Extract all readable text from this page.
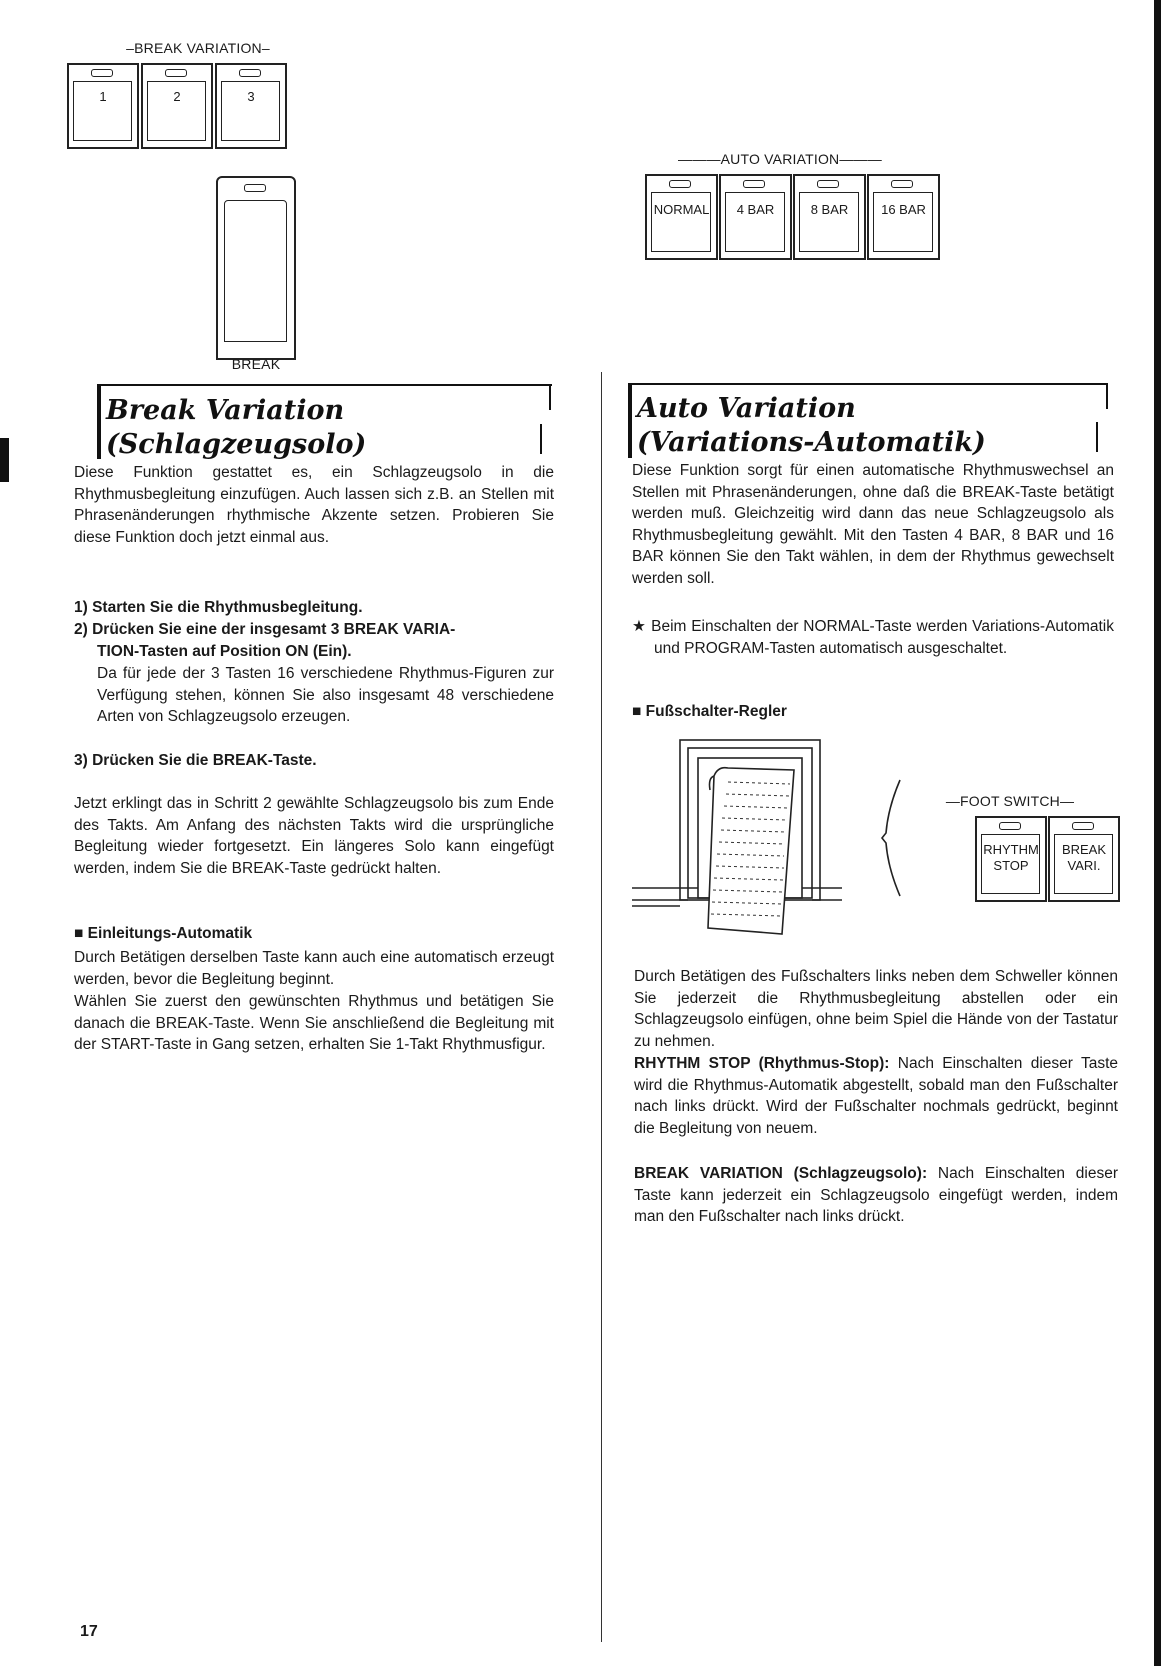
–BREAK VARIATION–
1	2	3
BREAK
———AUTO VARIATION———
NORMAL	4 BAR	8 BAR	16 BAR
Break Variation
(Schlagzeugsolo)
Diese Funktion gestattet es, ein Schlagzeugsolo in die Rhythmusbegleitung einzufügen. Auch lassen sich z.B. an Stellen mit Phrasenänderungen rhythmische Akzente setzen. Probieren Sie diese Funktion doch jetzt einmal aus.
1) Starten Sie die Rhythmusbegleitung.
2) Drücken Sie eine der insgesamt 3 BREAK VARIA-
TION-Tasten auf Position ON (Ein).
Da für jede der 3 Tasten 16 verschiedene Rhythmus-Figuren zur Verfügung stehen, können Sie also insgesamt 48 verschiedene Arten von Schlagzeugsolo erzeugen.
3) Drücken Sie die BREAK-Taste.
Jetzt erklingt das in Schritt 2 gewählte Schlagzeugsolo bis zum Ende des Takts. Am Anfang des nächsten Takts wird die ursprüngliche Begleitung wieder fortgesetzt. Ein längeres Solo kann eingefügt werden, indem Sie die BREAK-Taste gedrückt halten.
■ Einleitungs-Automatik
Durch Betätigen derselben Taste kann auch eine automatisch erzeugt werden, bevor die Begleitung beginnt.
Wählen Sie zuerst den gewünschten Rhythmus und betätigen Sie danach die BREAK-Taste. Wenn Sie anschließend die Begleitung mit der START-Taste in Gang setzen, erhalten Sie 1-Takt Rhythmusfigur.
Auto Variation
(Variations-Automatik)
Diese Funktion sorgt für einen automatische Rhythmuswechsel an Stellen mit Phrasenänderungen, ohne daß die BREAK-Taste betätigt werden muß. Gleichzeitig wird dann das neue Schlagzeugsolo als Rhythmusbegleitung gewählt. Mit den Tasten 4 BAR, 8 BAR und 16 BAR können Sie den Takt wählen, in dem der Rhythmus gewechselt werden soll.
★ Beim Einschalten der NORMAL-Taste werden Variations-Automatik und PROGRAM-Tasten automatisch ausgeschaltet.
■ Fußschalter-Regler
—FOOT SWITCH—
RHYTHM
STOP
BREAK
VARI.
Durch Betätigen des Fußschalters links neben dem Schweller können Sie jederzeit die Rhythmusbegleitung abstellen oder ein Schlagzeugsolo einfügen, ohne beim Spiel die Hände von der Tastatur zu nehmen.

RHYTHM STOP (Rhythmus-Stop): Nach Einschalten dieser Taste wird die Rhythmus-Automatik abgestellt, sobald man den Fußschalter nach links drückt. Wird der Fußschalter nochmals gedrückt, beginnt die Begleitung von neuem.

BREAK VARIATION (Schlagzeugsolo): Nach Einschalten dieser Taste kann jederzeit ein Schlagzeugsolo eingefügt werden, indem man den Fußschalter nach links drückt.

17
